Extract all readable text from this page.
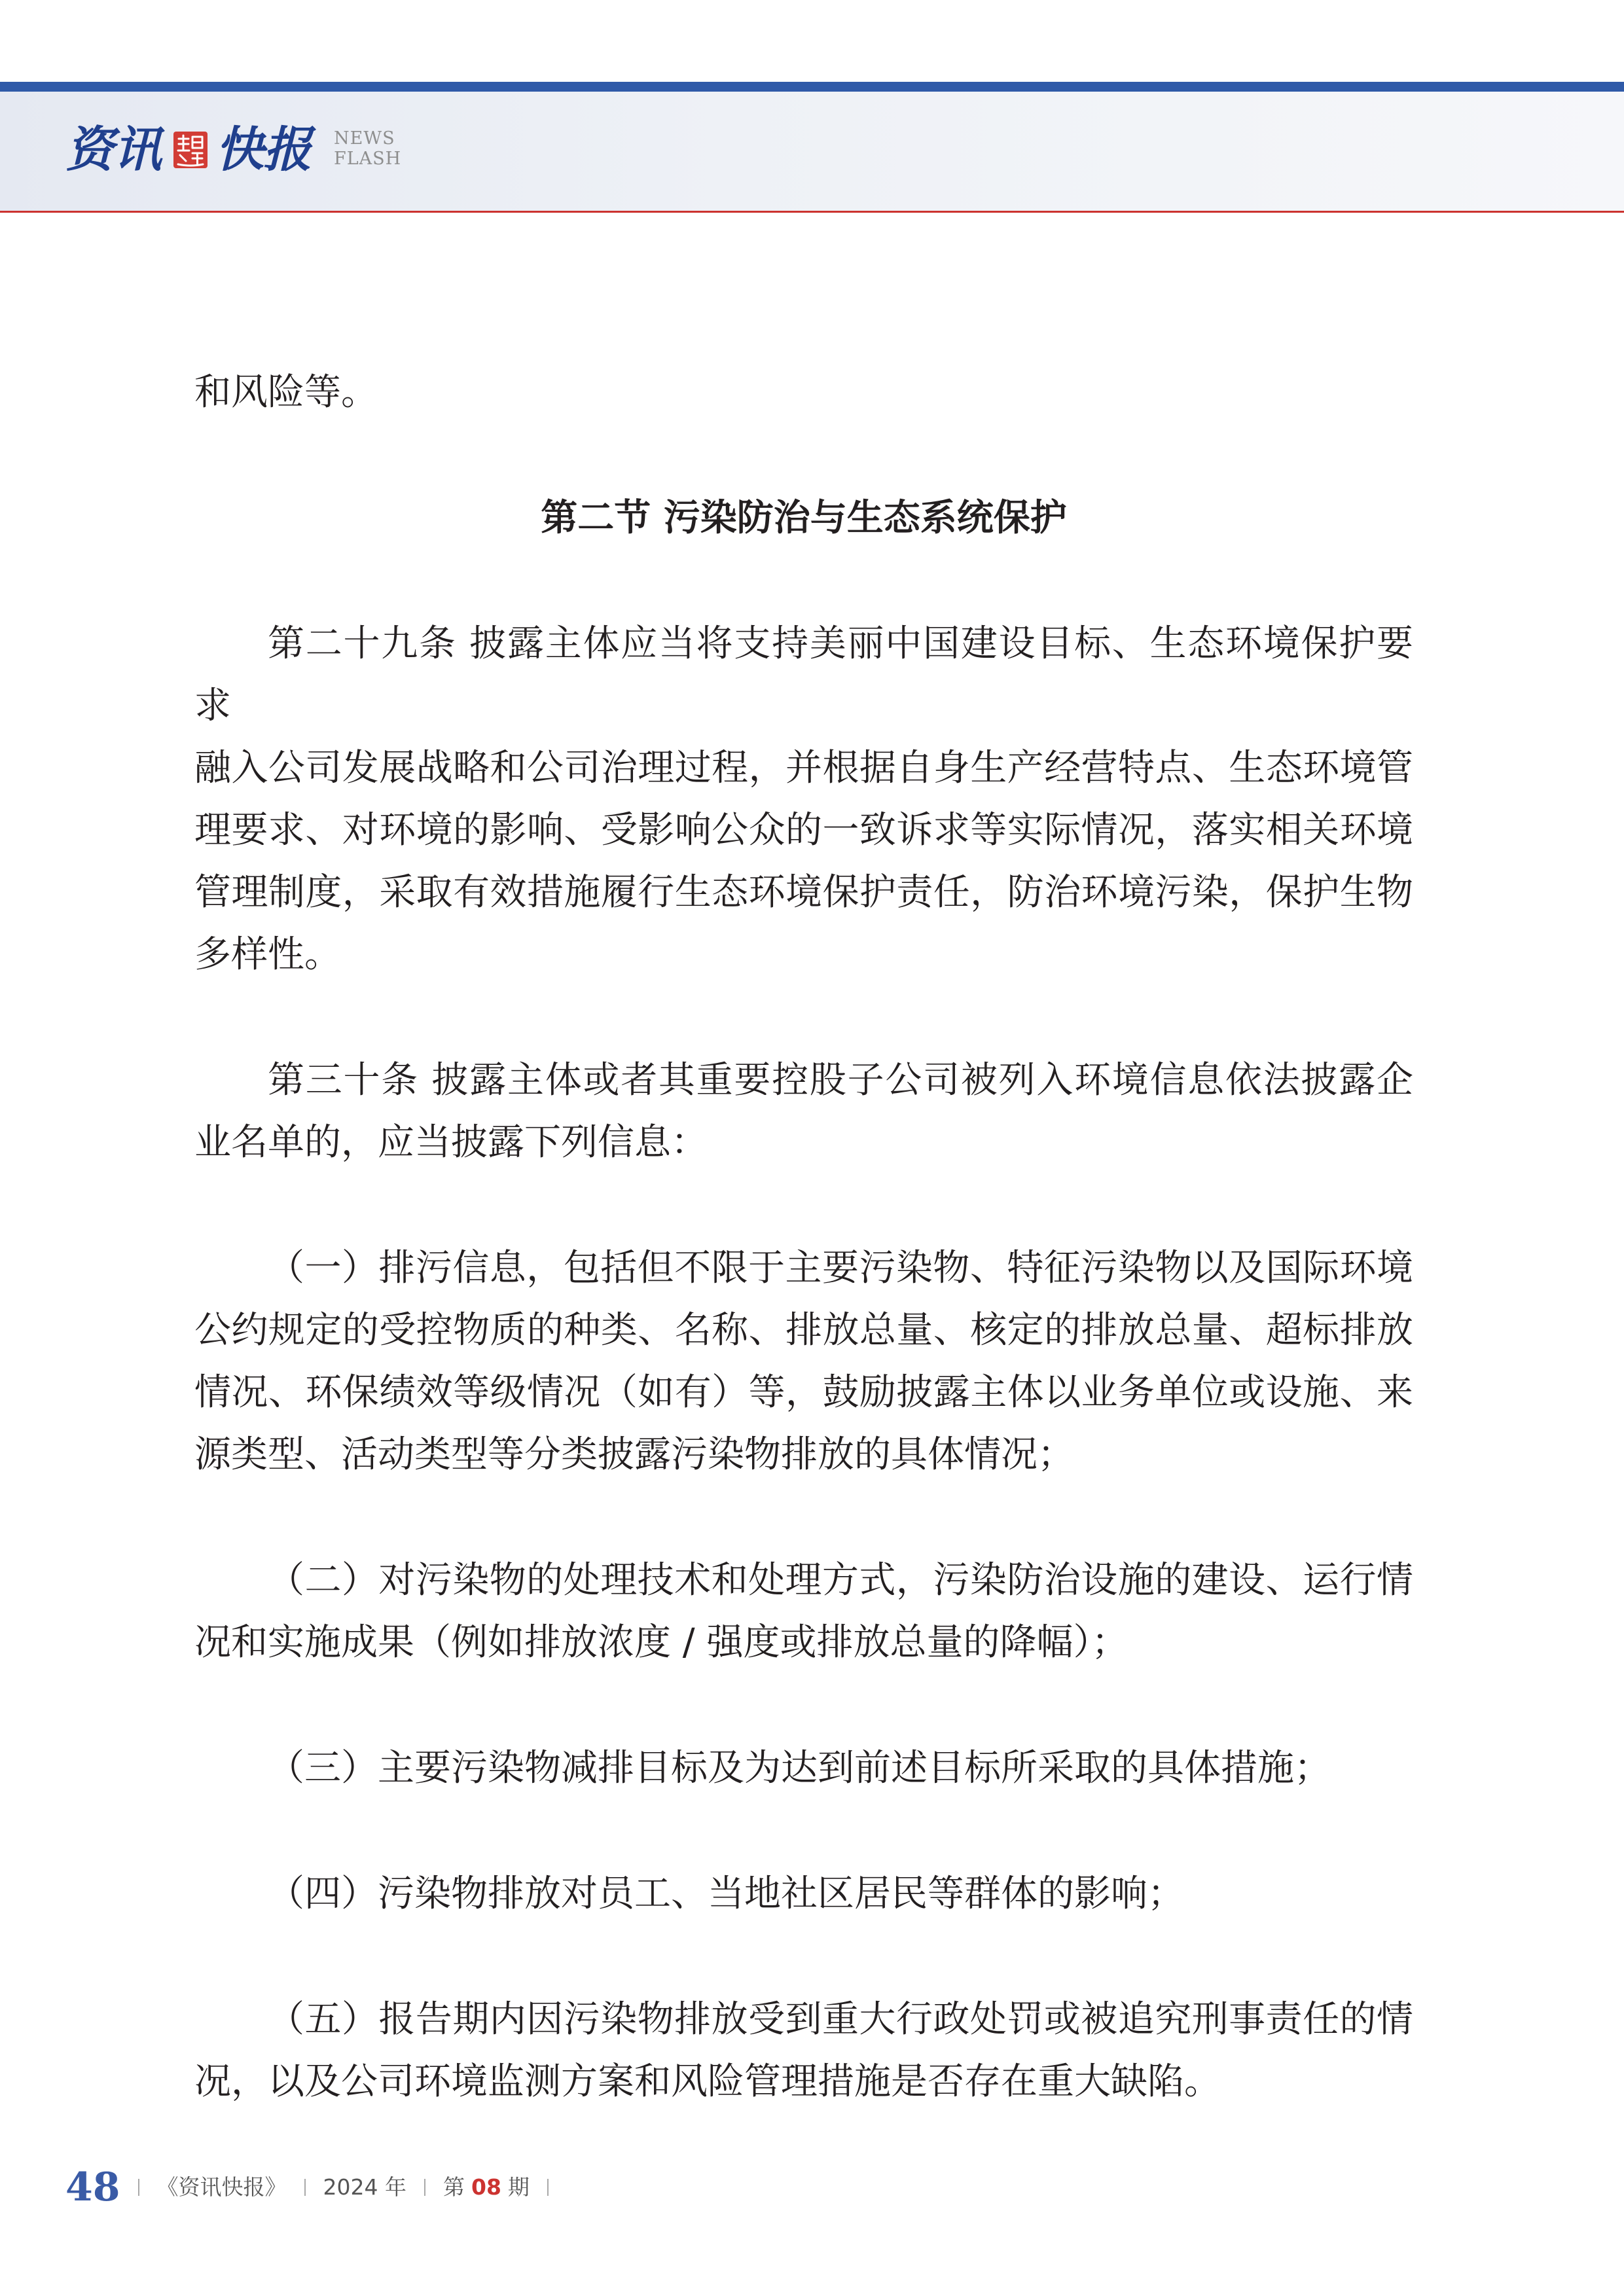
资讯 快报 NEWS
FLASH
和风险等。
第二节 污染防治与生态系统保护
第二十九条 披露主体应当将支持美丽中国建设目标、生态环境保护要求
融入公司发展战略和公司治理过程，并根据自身生产经营特点、生态环境管
理要求、对环境的影响、受影响公众的一致诉求等实际情况，落实相关环境
管理制度，采取有效措施履行生态环境保护责任，防治环境污染，保护生物
多样性。
第三十条 披露主体或者其重要控股子公司被列入环境信息依法披露企
业名单的，应当披露下列信息：
（一）排污信息，包括但不限于主要污染物、特征污染物以及国际环境
公约规定的受控物质的种类、名称、排放总量、核定的排放总量、超标排放
情况、环保绩效等级情况（如有）等，鼓励披露主体以业务单位或设施、来
源类型、活动类型等分类披露污染物排放的具体情况；
（二）对污染物的处理技术和处理方式，污染防治设施的建设、运行情
况和实施成果（例如排放浓度 / 强度或排放总量的降幅）；
（三）主要污染物减排目标及为达到前述目标所采取的具体措施；
（四）污染物排放对员工、当地社区居民等群体的影响；
（五）报告期内因污染物排放受到重大行政处罚或被追究刑事责任的情
况，以及公司环境监测方案和风险管理措施是否存在重大缺陷。
48 《资讯快报》 2024 年 第 08 期
